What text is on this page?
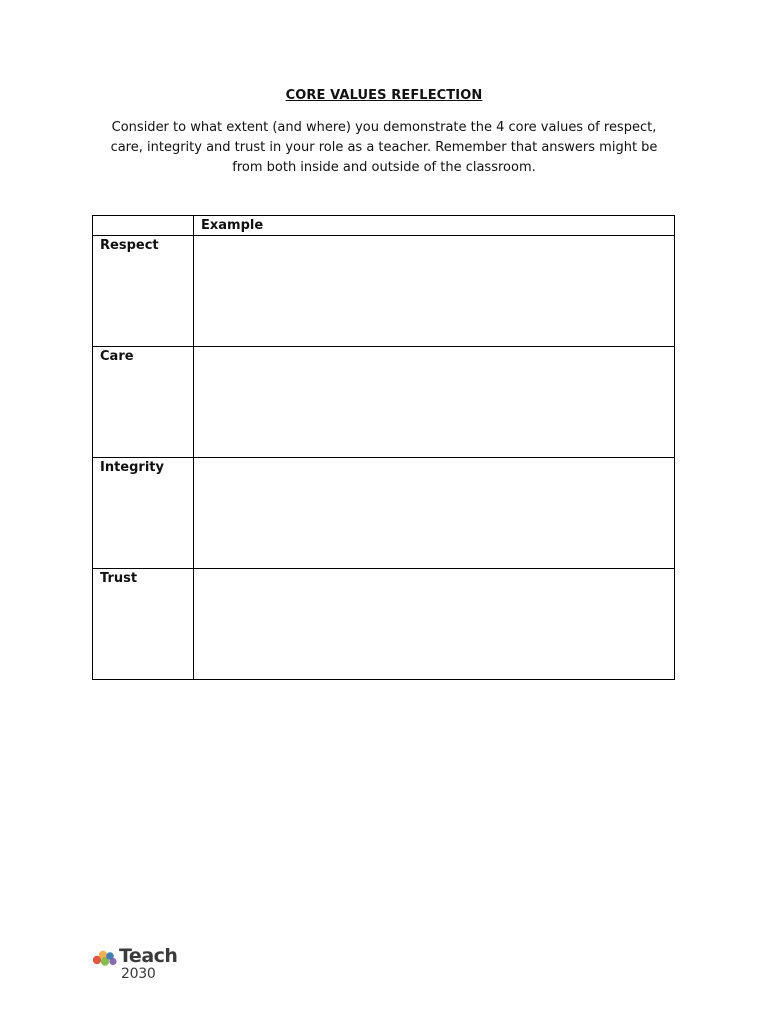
CORE VALUES REFLECTION
Consider to what extent (and where) you demonstrate the 4 core values of respect,
care, integrity and trust in your role as a teacher. Remember that answers might be
from both inside and outside of the classroom.
	Example
Respect	
Care	
Integrity	
Trust	
Teach
2030
